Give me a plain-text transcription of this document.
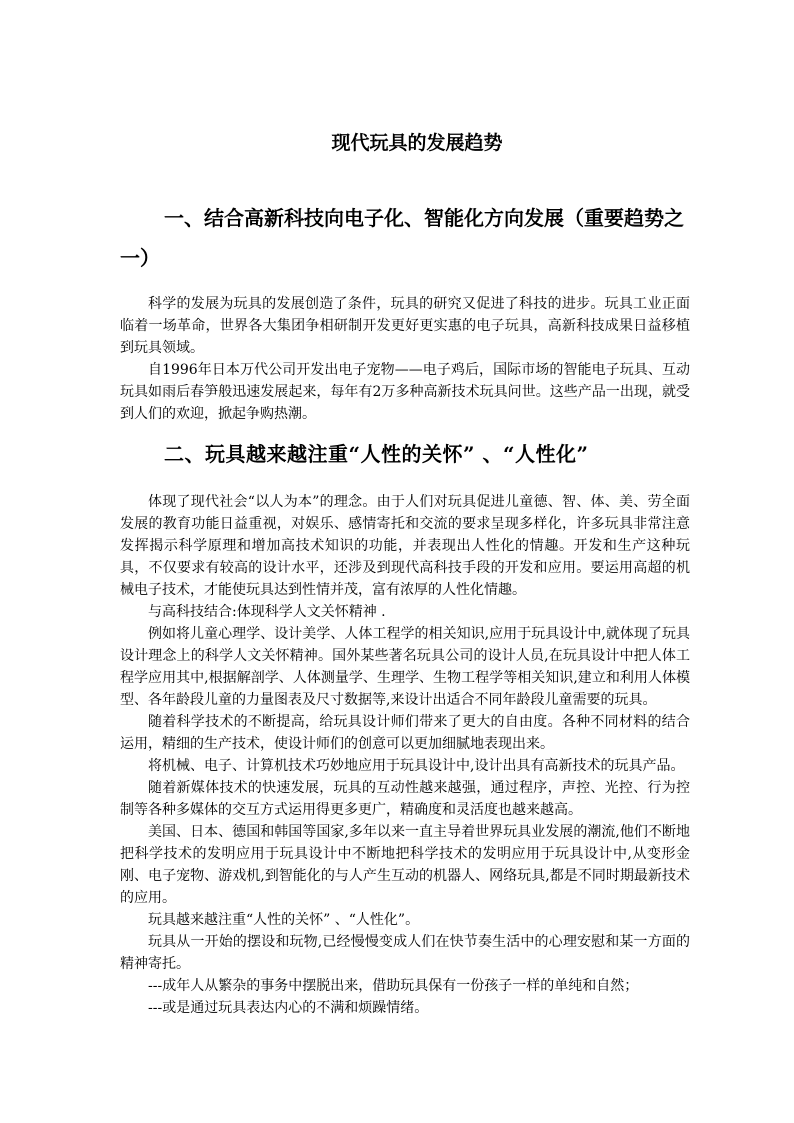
现代玩具的发展趋势
一、结合高新科技向电子化、智能化方向发展（重要趋势之一）

科学的发展为玩具的发展创造了条件，玩具的研究又促进了科技的进步。玩具工业正面临着一场革命，世界各大集团争相研制开发更好更实惠的电子玩具，高新科技成果日益移植到玩具领域。

自1996年日本万代公司开发出电子宠物——电子鸡后，国际市场的智能电子玩具、互动玩具如雨后春笋般迅速发展起来，每年有2万多种高新技术玩具问世。这些产品一出现，就受到人们的欢迎，掀起争购热潮。

二、玩具越来越注重“人性的关怀” 、“人性化”

体现了现代社会“以人为本”的理念。由于人们对玩具促进儿童德、智、体、美、劳全面发展的教育功能日益重视，对娱乐、感情寄托和交流的要求呈现多样化，许多玩具非常注意发挥揭示科学原理和增加高技术知识的功能，并表现出人性化的情趣。开发和生产这种玩具，不仅要求有较高的设计水平，还涉及到现代高科技手段的开发和应用。要运用高超的机械电子技术，才能使玩具达到性情并茂，富有浓厚的人性化情趣。

与高科技结合:体现科学人文关怀精神 .

例如将儿童心理学、设计美学、人体工程学的相关知识,应用于玩具设计中,就体现了玩具设计理念上的科学人文关怀精神。国外某些著名玩具公司的设计人员,在玩具设计中把人体工程学应用其中,根据解剖学、人体测量学、生理学、生物工程学等相关知识,建立和利用人体模型、各年龄段儿童的力量图表及尺寸数据等,来设计出适合不同年龄段儿童需要的玩具。

随着科学技术的不断提高，给玩具设计师们带来了更大的自由度。各种不同材料的结合运用，精细的生产技术，使设计师们的创意可以更加细腻地表现出来。

将机械、电子、计算机技术巧妙地应用于玩具设计中,设计出具有高新技术的玩具产品。

随着新媒体技术的快速发展，玩具的互动性越来越强，通过程序，声控、光控、行为控制等各种多媒体的交互方式运用得更多更广，精确度和灵活度也越来越高。

美国、日本、德国和韩国等国家,多年以来一直主导着世界玩具业发展的潮流,他们不断地把科学技术的发明应用于玩具设计中不断地把科学技术的发明应用于玩具设计中,从变形金刚、电子宠物、游戏机,到智能化的与人产生互动的机器人、网络玩具,都是不同时期最新技术的应用。

玩具越来越注重“人性的关怀” 、“人性化”。

玩具从一开始的摆设和玩物,已经慢慢变成人们在快节奏生活中的心理安慰和某一方面的精神寄托。

---成年人从繁杂的事务中摆脱出来，借助玩具保有一份孩子一样的单纯和自然；

---或是通过玩具表达内心的不满和烦躁情绪。
